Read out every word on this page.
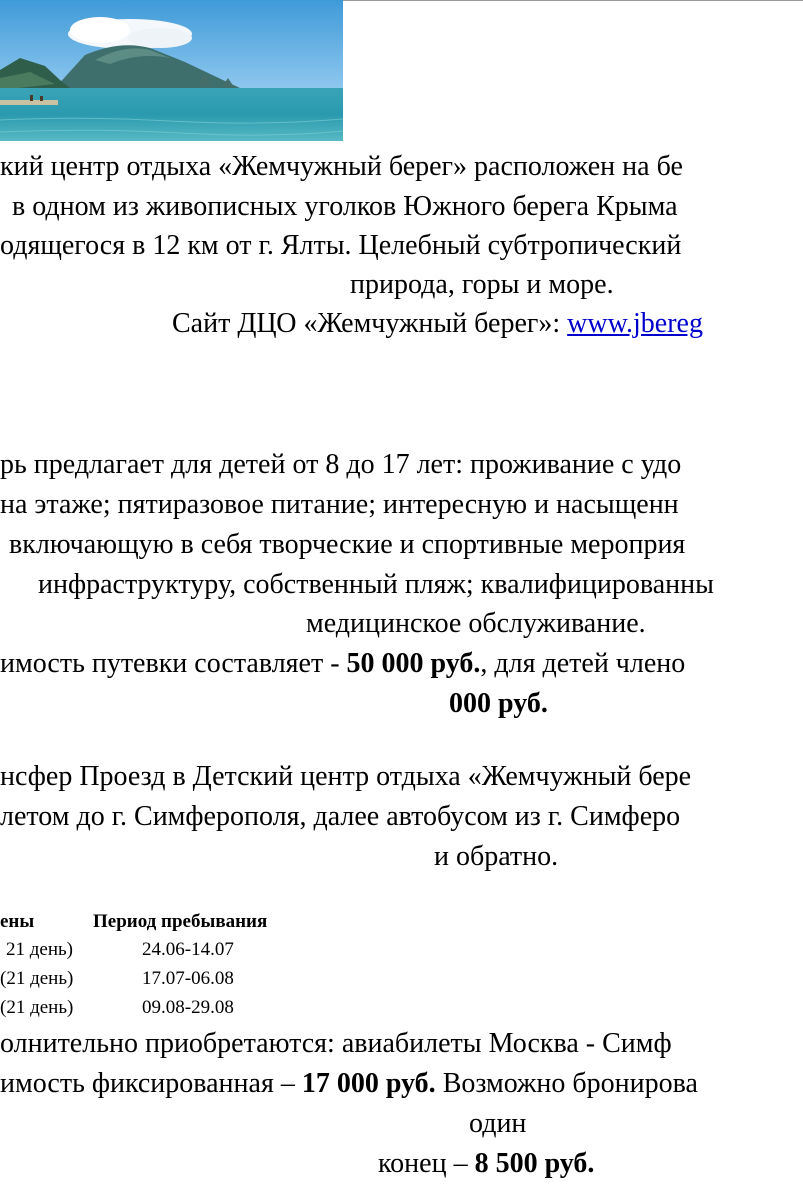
кий центр отдыха «Жемчужный берег» расположен на бе
в одном из живописных уголков Южного берега Крыма
одящегося в 12 км от г. Ялты. Целебный субтропический
природа, горы и море.
Сайт ДЦО «Жемчужный берег»: www.jbereg
рь предлагает для детей от 8 до 17 лет: проживание с удо
на этаже; пятиразовое питание; интересную и насыщенн
включающую в себя творческие и спортивные мероприя
инфраструктуру, собственный пляж; квалифицированны
медицинское обслуживание.
имость путевки составляет - 50 000 руб., для детей члено
000 руб.
нсфер Проезд в Детский центр отдыха «Жемчужный бере
летом до г. Симферополя, далее автобусом из г. Симферо
и обратно.
ены	Период пребывания
21 день)	24.06-14.07
(21 день)	17.07-06.08
(21 день)	09.08-29.08
олнительно приобретаются: авиабилеты Москва - Симф
имость фиксированная – 17 000 руб. Возможно бронирова
один
конец – 8 500 руб.
